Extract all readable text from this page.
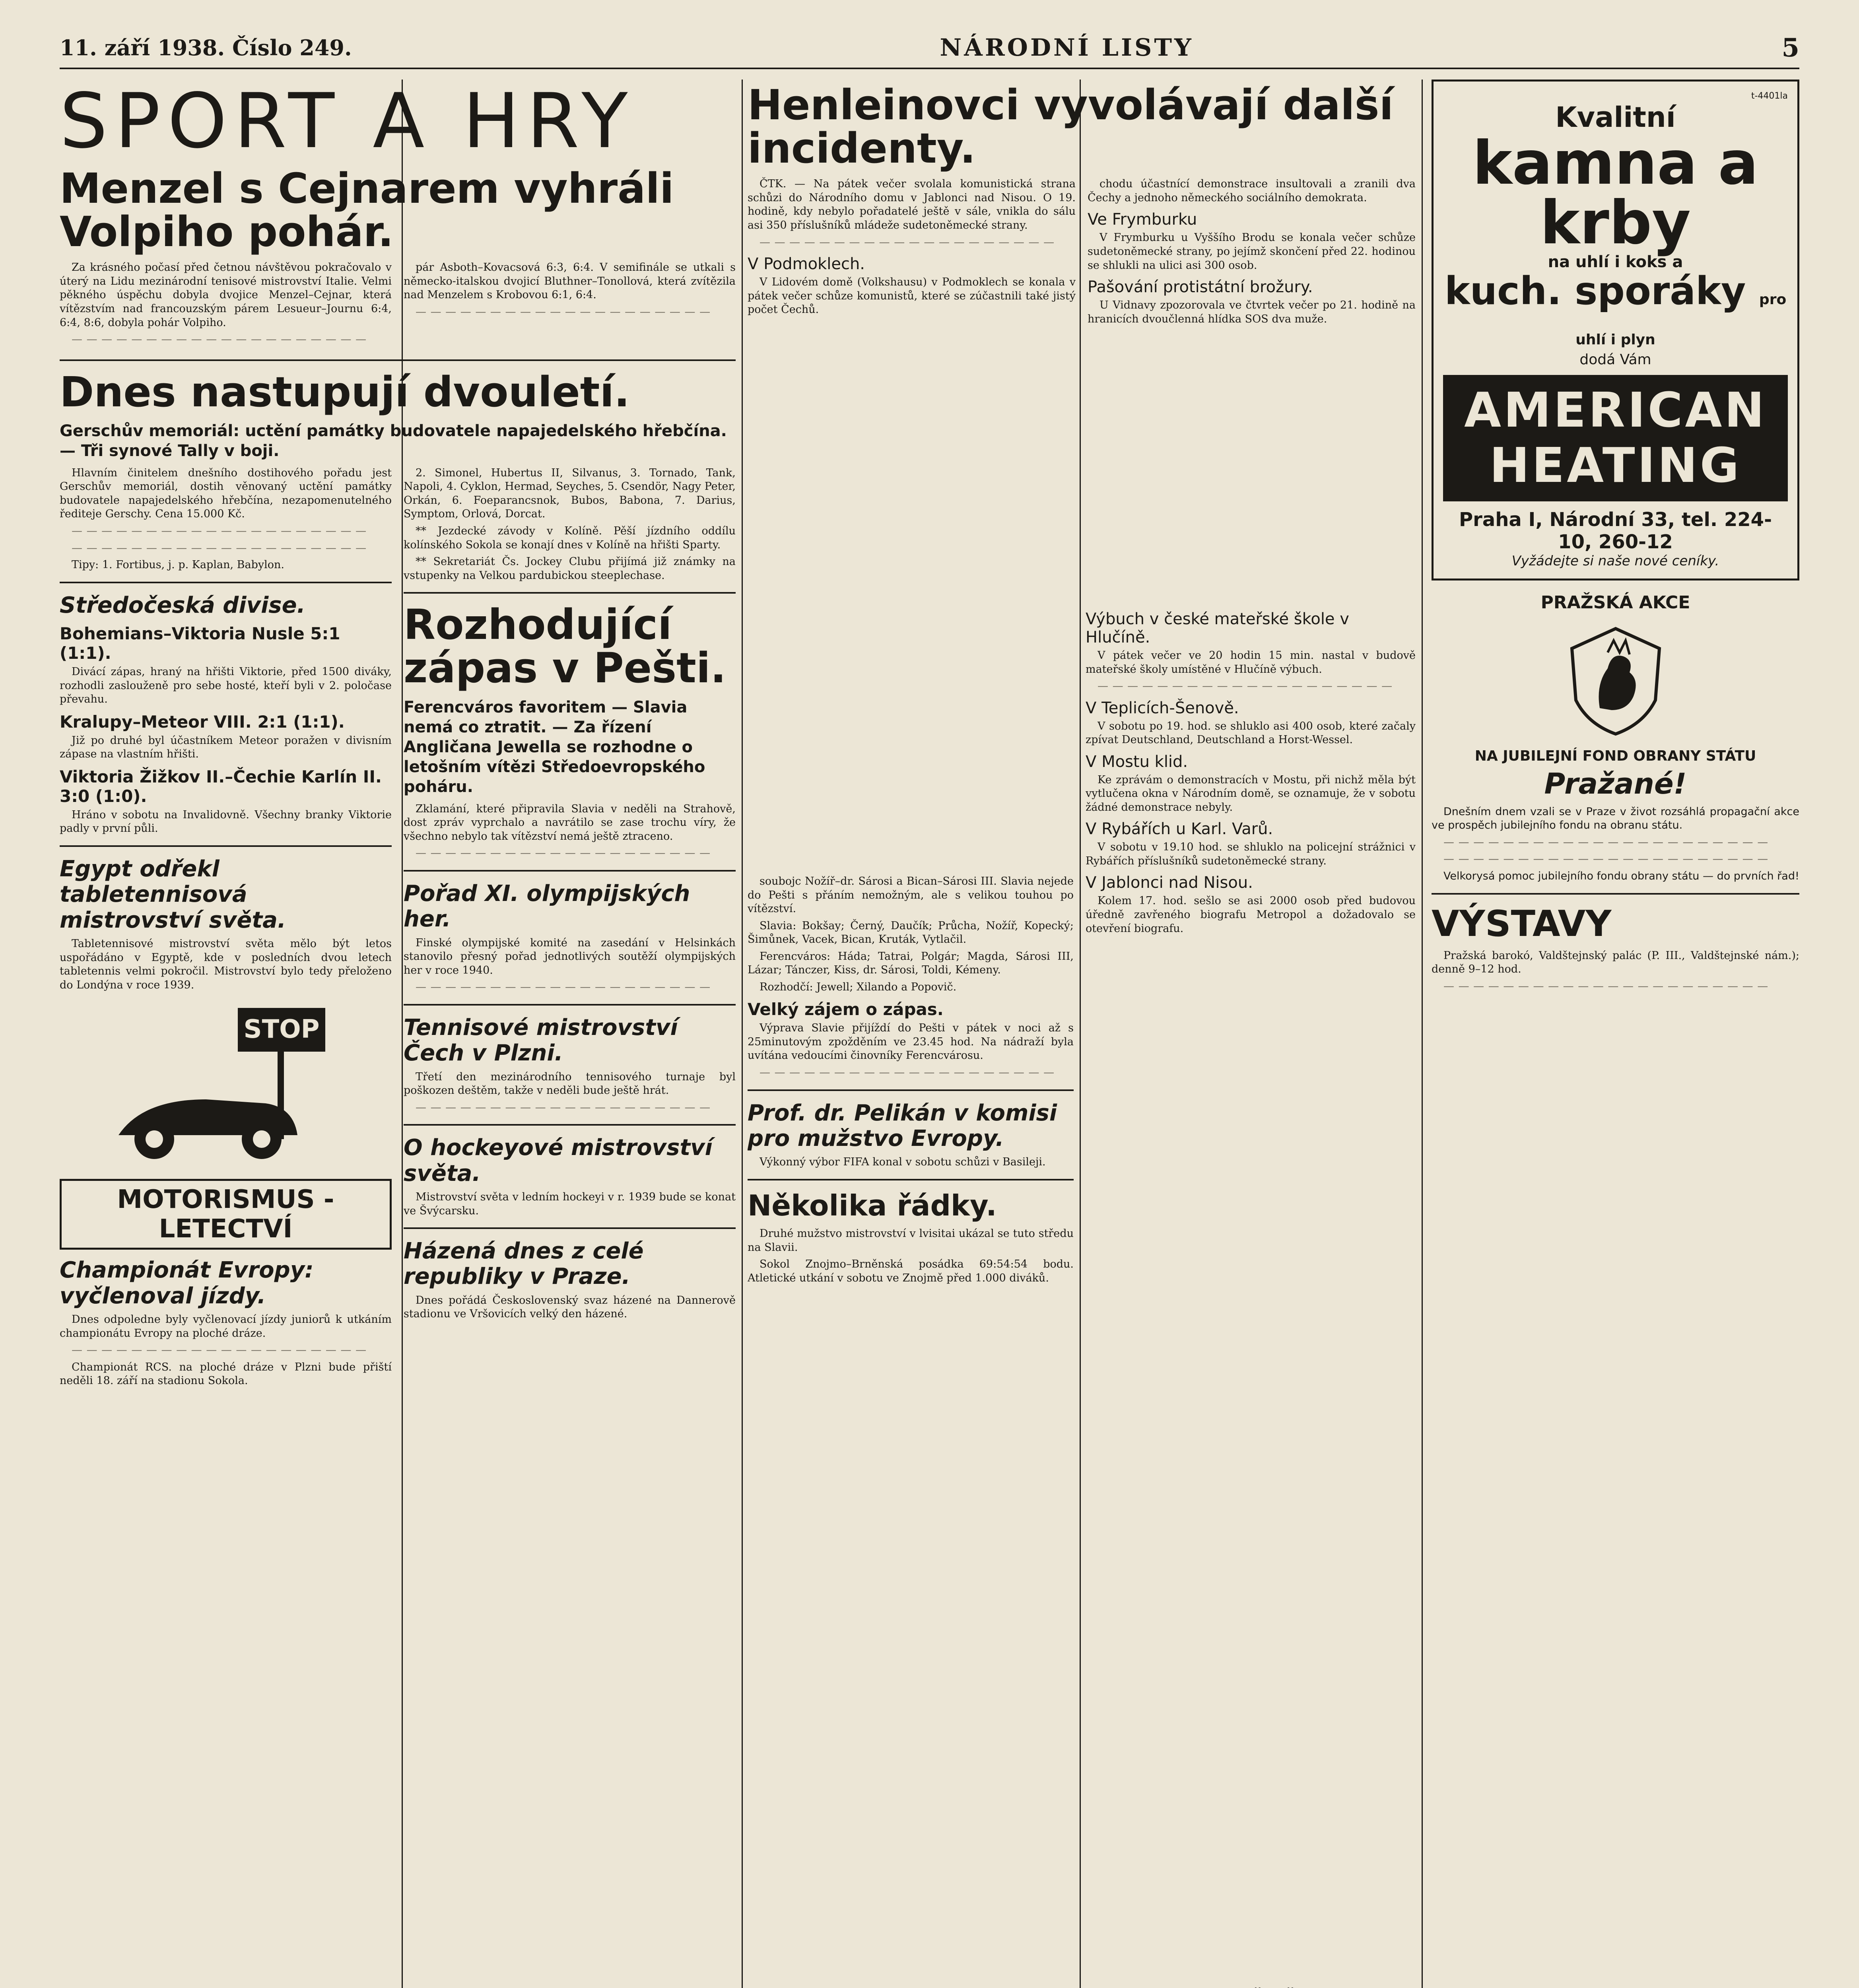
11. září 1938. Číslo 249.	NÁRODNÍ LISTY	5
SPORT A HRY
Menzel s Cejnarem vyhráli Volpiho pohár.

Za krásného počasí před četnou návštěvou pokračovalo v úterý na Lidu mezinárodní tenisové mistrovství Italie. Velmi pěkného úspěchu dobyla dvojice Menzel–Cejnar, která vítězstvím nad francouzským párem Lesueur–Journu 6:4, 6:4, 8:6, dobyla pohár Volpiho.

— — — — — — — — — — — — — — — — — — — —

pár Asboth–Kovacsová 6:3, 6:4. V semifinále se utkali s německo-italskou dvojicí Bluthner–Tonollová, která zvítězila nad Menzelem s Krobovou 6:1, 6:4.

— — — — — — — — — — — — — — — — — — — —

Dnes nastupují dvouletí.
Gerschův memoriál: uctění památky budovatele napajedelského hřebčína. — Tři synové Tally v boji.

Hlavním činitelem dnešního dostihového pořadu jest Gerschův memoriál, dostih věnovaný uctění památky budovatele napajedelského hřebčína, nezapomenutelného řediteje Gerschy. Cena 15.000 Kč.

— — — — — — — — — — — — — — — — — — — —

— — — — — — — — — — — — — — — — — — — —

Tipy: 1. Fortibus, j. p. Kaplan, Babylon.

Středočeská divise.
Bohemians–Viktoria Nusle 5:1 (1:1).

Divácí zápas, hraný na hřišti Viktorie, před 1500 diváky, rozhodli zaslouženě pro sebe hosté, kteří byli v 2. poločase převahu.

Kralupy–Meteor VIII. 2:1 (1:1).

Již po druhé byl účastníkem Meteor poražen v divisním zápase na vlastním hřišti.

Viktoria Žižkov II.–Čechie Karlín II. 3:0 (1:0).

Hráno v sobotu na Invalidovně. Všechny branky Viktorie padly v první půli.

Egypt odřekl tabletennisová mistrovství světa.

Tabletennisové mistrovství světa mělo být letos uspořádáno v Egyptě, kde v posledních dvou letech tabletennis velmi pokročil. Mistrovství bylo tedy přeloženo do Londýna v roce 1939.

STOP
MOTORISMUS - LETECTVÍ
Championát Evropy: vyčlenoval jízdy.

Dnes odpoledne byly vyčlenovací jízdy juniorů k utkáním championátu Evropy na ploché dráze.

— — — — — — — — — — — — — — — — — — — —

Championát RCS. na ploché dráze v Plzni bude přiští neděli 18. září na stadionu Sokola.

2. Simonel, Hubertus II, Silvanus, 3. Tornado, Tank, Napoli, 4. Cyklon, Hermad, Seyches, 5. Csendör, Nagy Peter, Orkán, 6. Foeparancsnok, Bubos, Babona, 7. Darius, Symptom, Orlová, Dorcat.

** Jezdecké závody v Kolíně. Pěší jízdního oddílu kolínského Sokola se konají dnes v Kolíně na hřišti Sparty.

** Sekretariát Čs. Jockey Clubu přijímá již známky na vstupenky na Velkou pardubickou steeplechase.

Rozhodující zápas v Pešti.
Ferencváros favoritem — Slavia nemá co ztratit. — Za řízení Angličana Jewella se rozhodne o letošním vítězi Středoevropského poháru.

Zklamání, které připravila Slavia v neděli na Strahově, dost zpráv vyprchalo a navrátilo se zase trochu víry, že všechno nebylo tak vítězství nemá ještě ztraceno.

— — — — — — — — — — — — — — — — — — — —

Pořad XI. olympijských her.

Finské olympijské komité na zasedání v Helsinkách stanovilo přesný pořad jednotlivých soutěží olympijských her v roce 1940.

— — — — — — — — — — — — — — — — — — — —

Tennisové mistrovství Čech v Plzni.

Třetí den mezinárodního tennisového turnaje byl poškozen deštěm, takže v neděli bude ještě hrát.

— — — — — — — — — — — — — — — — — — — —

O hockeyové mistrovství světa.

Mistrovství světa v ledním hockeyi v r. 1939 bude se konat ve Švýcarsku.

Házená dnes z celé republiky v Praze.

Dnes pořádá Československý svaz házené na Dannerově stadionu ve Vršovicích velký den házené.

soubojc Nožíř–dr. Sárosi a Bican–Sárosi III. Slavia nejede do Pešti s přáním nemožným, ale s velikou touhou po vítězství.

Slavia: Bokšay; Černý, Daučík; Průcha, Nožíř, Kopecký; Šimůnek, Vacek, Bican, Kruták, Vytlačil.

Ferencváros: Háda; Tatrai, Polgár; Magda, Sárosi III, Lázar; Tánczer, Kiss, dr. Sárosi, Toldi, Kémeny.

Rozhodčí: Jewell; Xilando a Popovič.

Velký zájem o zápas.

Výprava Slavie přijíždí do Pešti v pátek v noci až s 25minutovým zpožděním ve 23.45 hod. Na nádraží byla uvítána vedoucími činovníky Ferencvárosu.

— — — — — — — — — — — — — — — — — — — —

Prof. dr. Pelikán v komisi pro mužstvo Evropy.

Výkonný výbor FIFA konal v sobotu schůzi v Basileji.

Několika řádky.

Druhé mužstvo mistrovství v lvisitai ukázal se tuto středu na Slavii.

Sokol Znojmo–Brněnská posádka 69:54:54 bodu. Atletické utkání v sobotu ve Znojmě před 1.000 diváků.

Henleinovci vyvolávají další incidenty.

ČTK. — Na pátek večer svolala komunistická strana schůzi do Národního domu v Jablonci nad Nisou. O 19. hodině, kdy nebylo pořadatelé ještě v sále, vnikla do sálu asi 350 příslušníků mládeže sudetoněmecké strany.

— — — — — — — — — — — — — — — — — — — —

V Podmoklech.

V Lidovém domě (Volkshausu) v Podmoklech se konala v pátek večer schůze komunistů, které se zúčastnili také jistý počet Čechů.

chodu účastnící demonstrace insultovali a zranili dva Čechy a jednoho německého sociálního demokrata.

Ve Frymburku

V Frymburku u Vyššího Brodu se konala večer schůze sudetoněmecké strany, po jejímž skončení před 22. hodinou se shlukli na ulici asi 300 osob.

Pašování protistátní brožury.

U Vidnavy zpozorovala ve čtvrtek večer po 21. hodině na hranicích dvoučlenná hlídka SOS dva muže.

Výbuch v české mateřské škole v Hlučíně.

V pátek večer ve 20 hodin 15 min. nastal v budově mateřské školy umístěné v Hlučíně výbuch.

— — — — — — — — — — — — — — — — — — — —

V Teplicích-Šenově.

V sobotu po 19. hod. se shluklo asi 400 osob, které začaly zpívat Deutschland, Deutschland a Horst-Wessel.

V Mostu klid.

Ke zprávám o demonstracích v Mostu, při nichž měla být vytlučena okna v Národním domě, se oznamuje, že v sobotu žádné demonstrace nebyly.

V Rybářích u Karl. Varů.

V sobotu v 19.10 hod. se shluklo na policejní strážnici v Rybářích příslušníků sudetoněmecké strany.

V Jablonci nad Nisou.

Kolem 17. hod. sešlo se asi 2000 osob před budovou úředně zavřeného biografu Metropol a dožadovalo se otevření biografu.

t-4401la
Kvalitní
kamna a krby
na uhlí i koks a
kuch. sporáky pro uhlí i plyn
dodá Vám
AMERICAN HEATING
Praha I, Národní 33, tel. 224-10, 260-12
Vyžádejte si naše nové ceníky.
PRAŽSKÁ AKCE
NA JUBILEJNÍ FOND OBRANY STÁTU
Pražané!

Dnešním dnem vzali se v Praze v život rozsáhlá propagační akce ve prospěch jubilejního fondu na obranu státu.

— — — — — — — — — — — — — — — — — — — — — —

— — — — — — — — — — — — — — — — — — — — — —

Velkorysá pomoc jubilejního fondu obrany státu — do prvních řad!

VÝSTAVY

Pražská barokó, Valdštejnský palác (P. III., Valdštejnské nám.); denně 9–12 hod.

— — — — — — — — — — — — — — — — — — — — — —
